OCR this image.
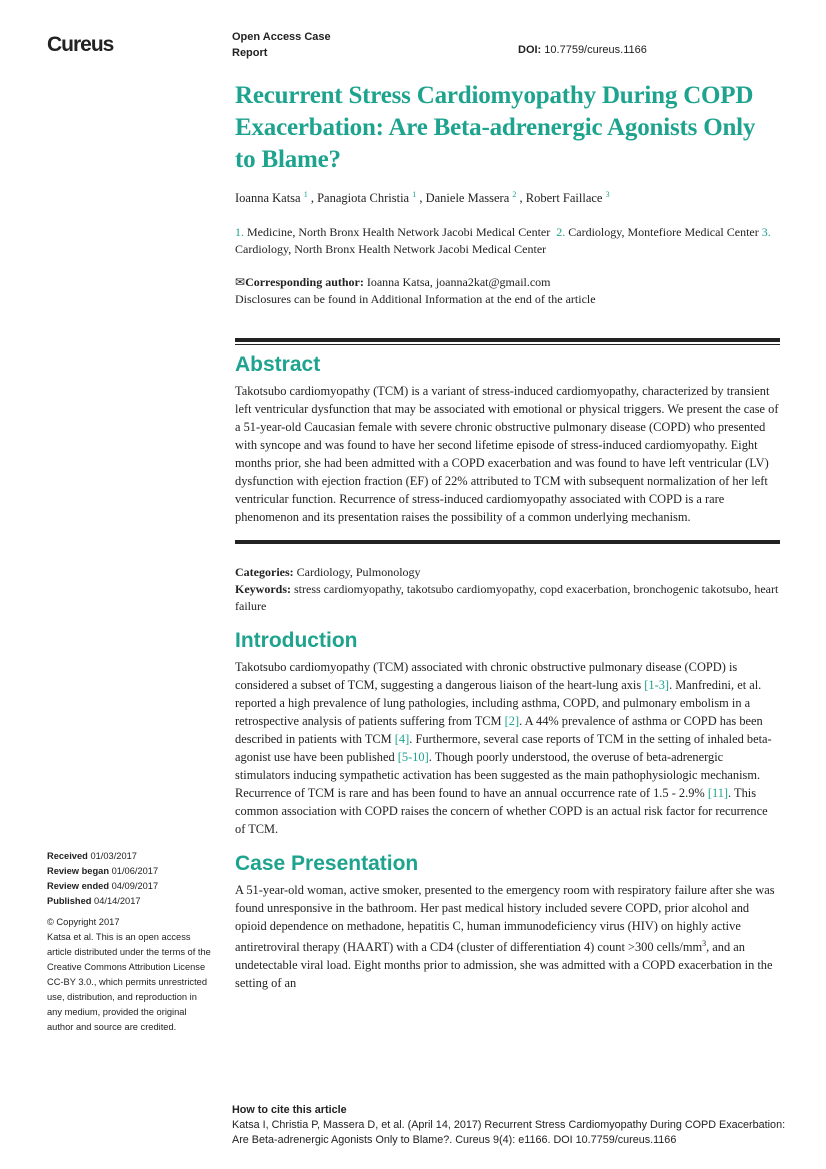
Cureus	Open Access Case Report	DOI: 10.7759/cureus.1166
Recurrent Stress Cardiomyopathy During COPD Exacerbation: Are Beta-adrenergic Agonists Only to Blame?
Ioanna Katsa $^1$ , Panagiota Christia $^1$ , Daniele Massera $^2$ , Robert Faillace $^3$
1. Medicine, North Bronx Health Network Jacobi Medical Center 2. Cardiology, Montefiore Medical Center 3. Cardiology, North Bronx Health Network Jacobi Medical Center
✉Corresponding author: Ioanna Katsa, joanna2kat@gmail.com
Disclosures can be found in Additional Information at the end of the article
Abstract

Takotsubo cardiomyopathy (TCM) is a variant of stress-induced cardiomyopathy, characterized by transient left ventricular dysfunction that may be associated with emotional or physical triggers. We present the case of a 51-year-old Caucasian female with severe chronic obstructive pulmonary disease (COPD) who presented with syncope and was found to have her second lifetime episode of stress-induced cardiomyopathy. Eight months prior, she had been admitted with a COPD exacerbation and was found to have left ventricular (LV) dysfunction with ejection fraction (EF) of 22% attributed to TCM with subsequent normalization of her left ventricular function. Recurrence of stress-induced cardiomyopathy associated with COPD is a rare phenomenon and its presentation raises the possibility of a common underlying mechanism.

Categories: Cardiology, Pulmonology
Keywords: stress cardiomyopathy, takotsubo cardiomyopathy, copd exacerbation, bronchogenic takotsubo, heart failure
Introduction

Takotsubo cardiomyopathy (TCM) associated with chronic obstructive pulmonary disease (COPD) is considered a subset of TCM, suggesting a dangerous liaison of the heart-lung axis [1-3]. Manfredini, et al. reported a high prevalence of lung pathologies, including asthma, COPD, and pulmonary embolism in a retrospective analysis of patients suffering from TCM [2]. A 44% prevalence of asthma or COPD has been described in patients with TCM [4]. Furthermore, several case reports of TCM in the setting of inhaled beta-agonist use have been published [5-10]. Though poorly understood, the overuse of beta-adrenergic stimulators inducing sympathetic activation has been suggested as the main pathophysiologic mechanism. Recurrence of TCM is rare and has been found to have an annual occurrence rate of 1.5 - 2.9% [11]. This common association with COPD raises the concern of whether COPD is an actual risk factor for recurrence of TCM.

Case Presentation

A 51-year-old woman, active smoker, presented to the emergency room with respiratory failure after she was found unresponsive in the bathroom. Her past medical history included severe COPD, prior alcohol and opioid dependence on methadone, hepatitis C, human immunodeficiency virus (HIV) on highly active antiretroviral therapy (HAART) with a CD4 (cluster of differentiation 4) count >300 cells/$mm^3$, and an undetectable viral load. Eight months prior to admission, she was admitted with a COPD exacerbation in the setting of an

Received 01/03/2017
Review began 01/06/2017
Review ended 04/09/2017
Published 04/14/2017
© Copyright 2017
Katsa et al. This is an open access article distributed under the terms of the Creative Commons Attribution License CC-BY 3.0., which permits unrestricted use, distribution, and reproduction in any medium, provided the original author and source are credited.
How to cite this article
Katsa I, Christia P, Massera D, et al. (April 14, 2017) Recurrent Stress Cardiomyopathy During COPD Exacerbation: Are Beta-adrenergic Agonists Only to Blame?. Cureus 9(4): e1166. DOI 10.7759/cureus.1166
